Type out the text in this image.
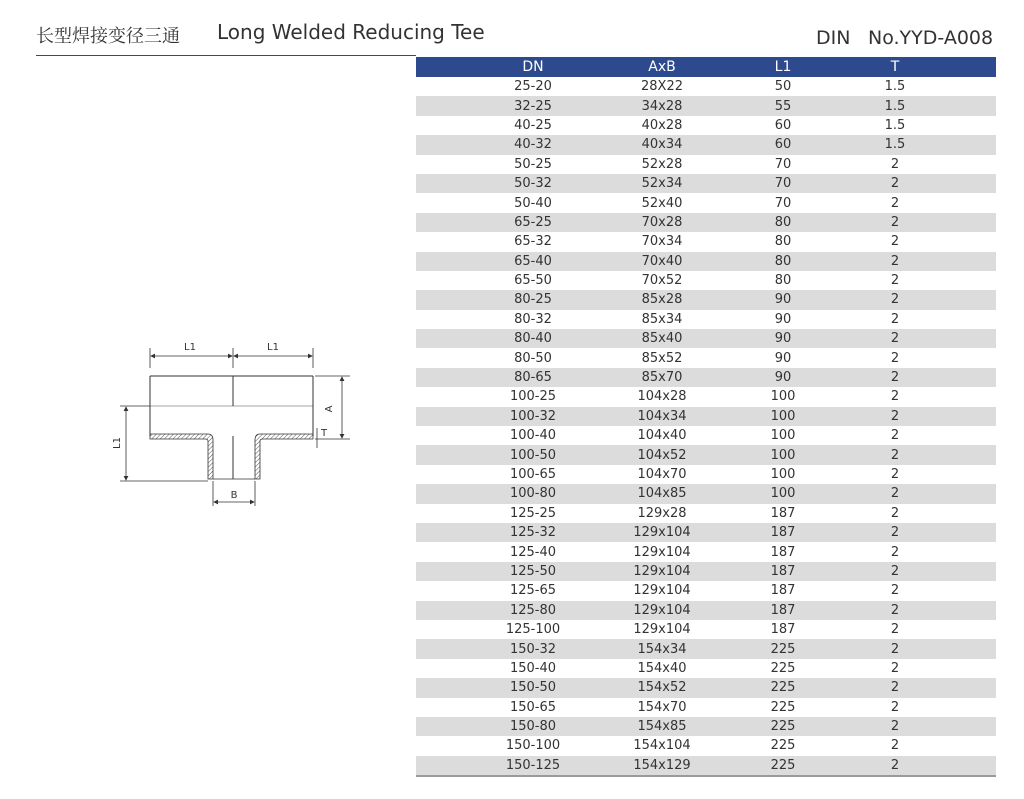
长型焊接变径三通 Long Welded Reducing Tee	DIN No.YYD-A008
L1	L1
A
T
L1
B
DN	AxB	L1	T
25-20	28X22	50	1.5
32-25	34x28	55	1.5
40-25	40x28	60	1.5
40-32	40x34	60	1.5
50-25	52x28	70	2
50-32	52x34	70	2
50-40	52x40	70	2
65-25	70x28	80	2
65-32	70x34	80	2
65-40	70x40	80	2
65-50	70x52	80	2
80-25	85x28	90	2
80-32	85x34	90	2
80-40	85x40	90	2
80-50	85x52	90	2
80-65	85x70	90	2
100-25	104x28	100	2
100-32	104x34	100	2
100-40	104x40	100	2
100-50	104x52	100	2
100-65	104x70	100	2
100-80	104x85	100	2
125-25	129x28	187	2
125-32	129x104	187	2
125-40	129x104	187	2
125-50	129x104	187	2
125-65	129x104	187	2
125-80	129x104	187	2
125-100	129x104	187	2
150-32	154x34	225	2
150-40	154x40	225	2
150-50	154x52	225	2
150-65	154x70	225	2
150-80	154x85	225	2
150-100	154x104	225	2
150-125	154x129	225	2
